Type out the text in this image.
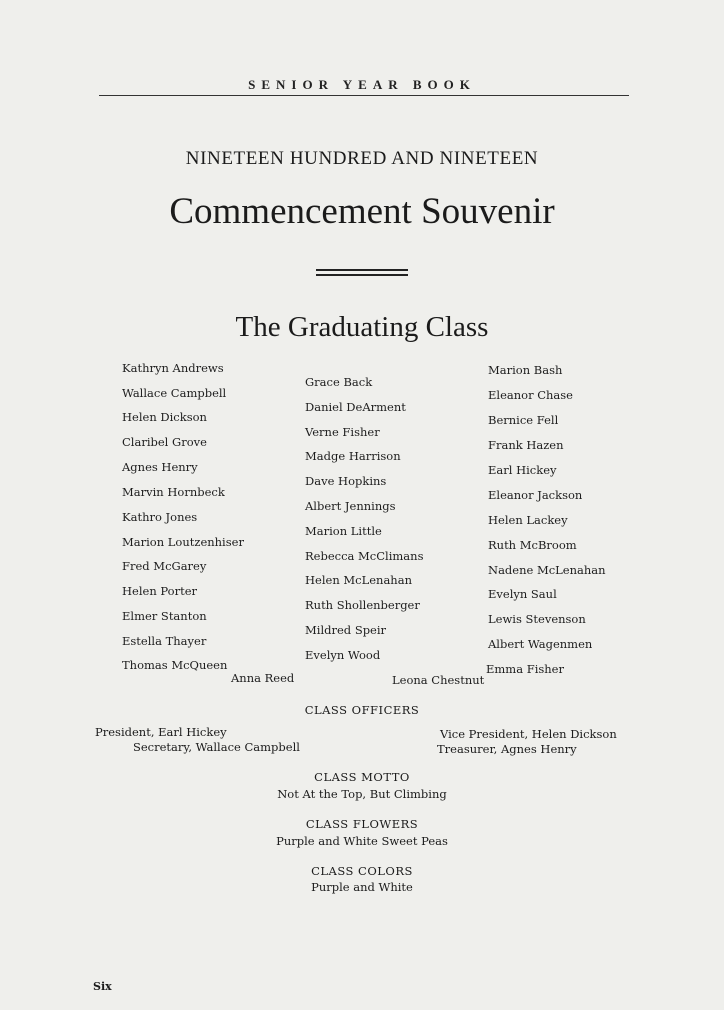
SENIOR YEAR BOOK
NINETEEN HUNDRED AND NINETEEN
Commencement Souvenir
The Graduating Class
Kathryn Andrews
Wallace Campbell
Helen Dickson
Claribel Grove
Agnes Henry
Marvin Hornbeck
Kathro Jones
Marion Loutzenhiser
Fred McGarey
Helen Porter
Elmer Stanton
Estella Thayer
Thomas McQueen
Grace Back
Daniel DeArment
Verne Fisher
Madge Harrison
Dave Hopkins
Albert Jennings
Marion Little
Rebecca McClimans
Helen McLenahan
Ruth Shollenberger
Mildred Speir
Evelyn Wood
Marion Bash
Eleanor Chase
Bernice Fell
Frank Hazen
Earl Hickey
Eleanor Jackson
Helen Lackey
Ruth McBroom
Nadene McLenahan
Evelyn Saul
Lewis Stevenson
Albert Wagenmen
Emma Fisher
Anna Reed	Leona Chestnut
CLASS OFFICERS
President, Earl Hickey	Vice President, Helen Dickson
Secretary, Wallace Campbell	Treasurer, Agnes Henry
CLASS MOTTO
Not At the Top, But Climbing
CLASS FLOWERS
Purple and White Sweet Peas
CLASS COLORS
Purple and White
Six
